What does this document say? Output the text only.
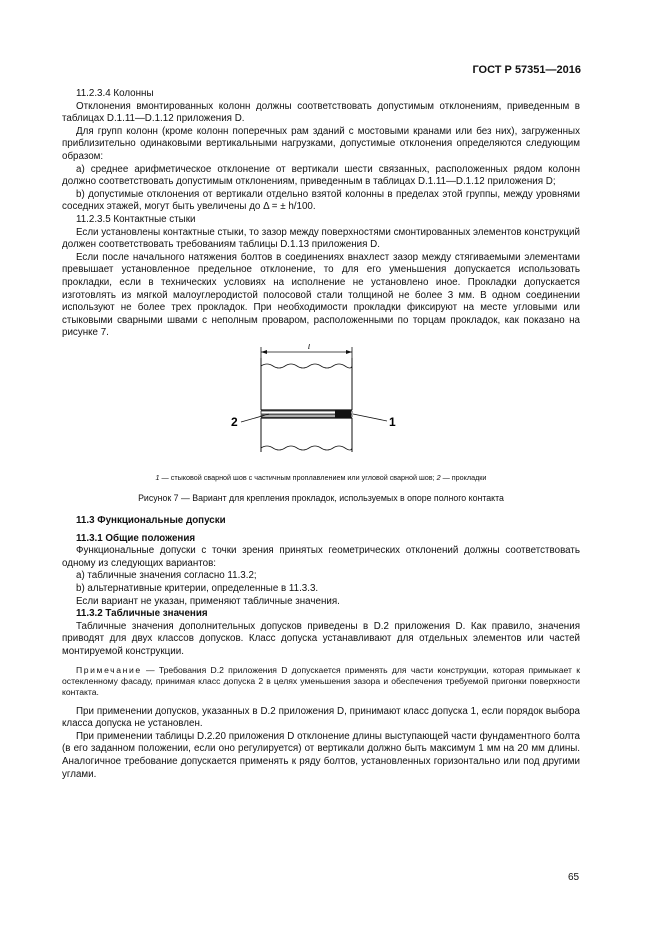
ГОСТ Р 57351—2016

11.2.3.4 Колонны

Отклонения вмонтированных колонн должны соответствовать допустимым отклонениям, приведенным в таблицах D.1.11—D.1.12 приложения D.

Для групп колонн (кроме колонн поперечных рам зданий с мостовыми кранами или без них), загруженных приблизительно одинаковыми вертикальными нагрузками, допустимые отклонения определяются следующим образом:

а) среднее арифметическое отклонение от вертикали шести связанных, расположенных рядом колонн должно соответствовать допустимым отклонениям, приведенным в таблицах D.1.11—D.1.12 приложения D;

b) допустимые отклонения от вертикали отдельно взятой колонны в пределах этой группы, между уровнями соседних этажей, могут быть увеличены до Δ = ± h/100.

11.2.3.5 Контактные стыки

Если установлены контактные стыки, то зазор между поверхностями смонтированных элементов конструкций должен соответствовать требованиям таблицы D.1.13 приложения D.

Если после начального натяжения болтов в соединениях внахлест зазор между стягиваемыми элементами превышает установленное предельное отклонение, то для его уменьшения допускается использовать прокладки, если в технических условиях на исполнение не установлено иное. Прокладки допускается изготовлять из мягкой малоуглеродистой полосовой стали толщиной не более 3 мм. В одном соединении используют не более трех прокладок. При необходимости прокладки фиксируют на месте угловыми или стыковыми сварными швами с неполным проваром, расположенными по торцам прокладок, как показано на рисунке 7.

l
2	1

1 — стыковой сварной шов с частичным проплавлением или угловой сварной шов; 2 — прокладки

Рисунок 7 — Вариант для крепления прокладок, используемых в опоре полного контакта

11.3 Функциональные допуски

11.3.1 Общие положения

Функциональные допуски с точки зрения принятых геометрических отклонений должны соответствовать одному из следующих вариантов:

а) табличные значения согласно 11.3.2;

b) альтернативные критерии, определенные в 11.3.3.

Если вариант не указан, применяют табличные значения.

11.3.2 Табличные значения

Табличные значения дополнительных допусков приведены в D.2 приложения D. Как правило, значения приводят для двух классов допусков. Класс допуска устанавливают для отдельных элементов или частей монтируемой конструкции.

Примечание — Требования D.2 приложения D допускается применять для части конструкции, которая примыкает к остекленному фасаду, принимая класс допуска 2 в целях уменьшения зазора и обеспечения требуемой пригонки поверхности контакта.

При применении допусков, указанных в D.2 приложения D, принимают класс допуска 1, если порядок выбора класса допуска не установлен.

При применении таблицы D.2.20 приложения D отклонение длины выступающей части фундаментного болта (в его заданном положении, если оно регулируется) от вертикали должно быть максимум 1 мм на 20 мм длины. Аналогичное требование допускается применять к ряду болтов, установленных горизонтально или под другими углами.

65
